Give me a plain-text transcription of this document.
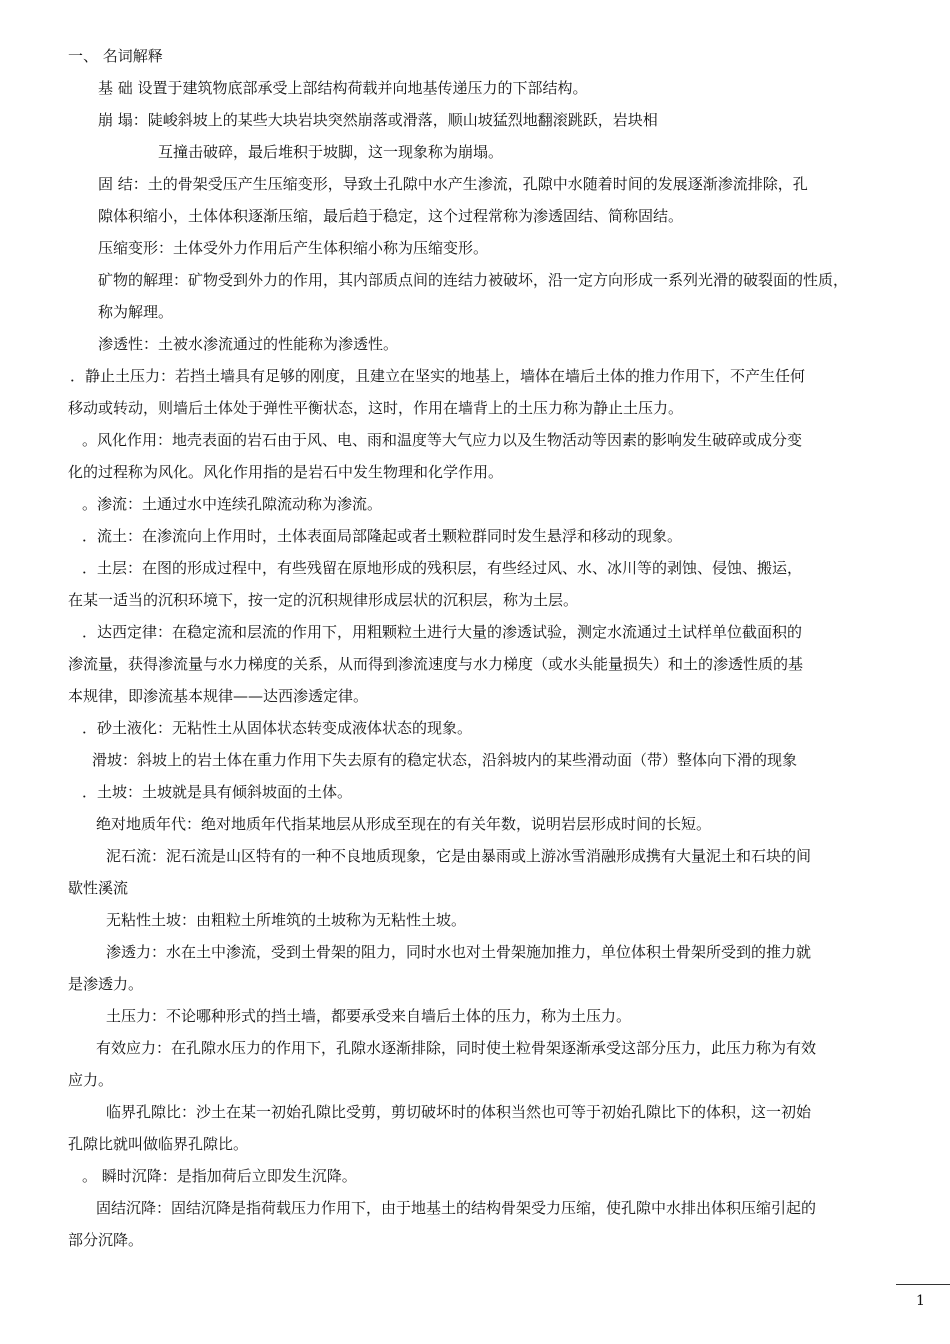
一、 名词解释
基 础 设置于建筑物底部承受上部结构荷载并向地基传递压力的下部结构。
崩 塌：陡峻斜坡上的某些大块岩块突然崩落或滑落，顺山坡猛烈地翻滚跳跃，岩块相
互撞击破碎，最后堆积于坡脚，这一现象称为崩塌。
固 结：土的骨架受压产生压缩变形，导致土孔隙中水产生渗流，孔隙中水随着时间的发展逐渐渗流排除，孔
隙体积缩小，土体体积逐渐压缩，最后趋于稳定，这个过程常称为渗透固结、简称固结。
压缩变形：土体受外力作用后产生体积缩小称为压缩变形。
矿物的解理：矿物受到外力的作用，其内部质点间的连结力被破坏，沿一定方向形成一系列光滑的破裂面的性质，
称为解理。
渗透性：土被水渗流通过的性能称为渗透性。
．静止土压力：若挡土墙具有足够的刚度，且建立在坚实的地基上，墙体在墙后土体的推力作用下，不产生任何
移动或转动，则墙后土体处于弹性平衡状态，这时，作用在墙背上的土压力称为静止土压力。
。风化作用：地壳表面的岩石由于风、电、雨和温度等大气应力以及生物活动等因素的影响发生破碎或成分变
化的过程称为风化。风化作用指的是岩石中发生物理和化学作用。
。渗流：土通过水中连续孔隙流动称为渗流。
．流土：在渗流向上作用时，土体表面局部隆起或者土颗粒群同时发生悬浮和移动的现象。
．土层：在图的形成过程中，有些残留在原地形成的残积层，有些经过风、水、冰川等的剥蚀、侵蚀、搬运，
在某一适当的沉积环境下，按一定的沉积规律形成层状的沉积层，称为土层。
．达西定律：在稳定流和层流的作用下，用粗颗粒土进行大量的渗透试验，测定水流通过土试样单位截面积的
渗流量，获得渗流量与水力梯度的关系，从而得到渗流速度与水力梯度（或水头能量损失）和土的渗透性质的基
本规律，即渗流基本规律——达西渗透定律。
．砂土液化：无粘性土从固体状态转变成液体状态的现象。
滑坡：斜坡上的岩土体在重力作用下失去原有的稳定状态，沿斜坡内的某些滑动面（带）整体向下滑的现象
．土坡：土坡就是具有倾斜坡面的土体。
绝对地质年代：绝对地质年代指某地层从形成至现在的有关年数，说明岩层形成时间的长短。
泥石流：泥石流是山区特有的一种不良地质现象，它是由暴雨或上游冰雪消融形成携有大量泥土和石块的间
歇性溪流
无粘性土坡：由粗粒土所堆筑的土坡称为无粘性土坡。
渗透力：水在土中渗流，受到土骨架的阻力，同时水也对土骨架施加推力，单位体积土骨架所受到的推力就
是渗透力。
土压力：不论哪种形式的挡土墙，都要承受来自墙后土体的压力，称为土压力。
有效应力：在孔隙水压力的作用下，孔隙水逐渐排除，同时使土粒骨架逐渐承受这部分压力，此压力称为有效
应力。
临界孔隙比：沙土在某一初始孔隙比受剪，剪切破坏时的体积当然也可等于初始孔隙比下的体积，这一初始
孔隙比就叫做临界孔隙比。
。 瞬时沉降：是指加荷后立即发生沉降。
固结沉降：固结沉降是指荷载压力作用下，由于地基土的结构骨架受力压缩，使孔隙中水排出体积压缩引起的
部分沉降。
1
